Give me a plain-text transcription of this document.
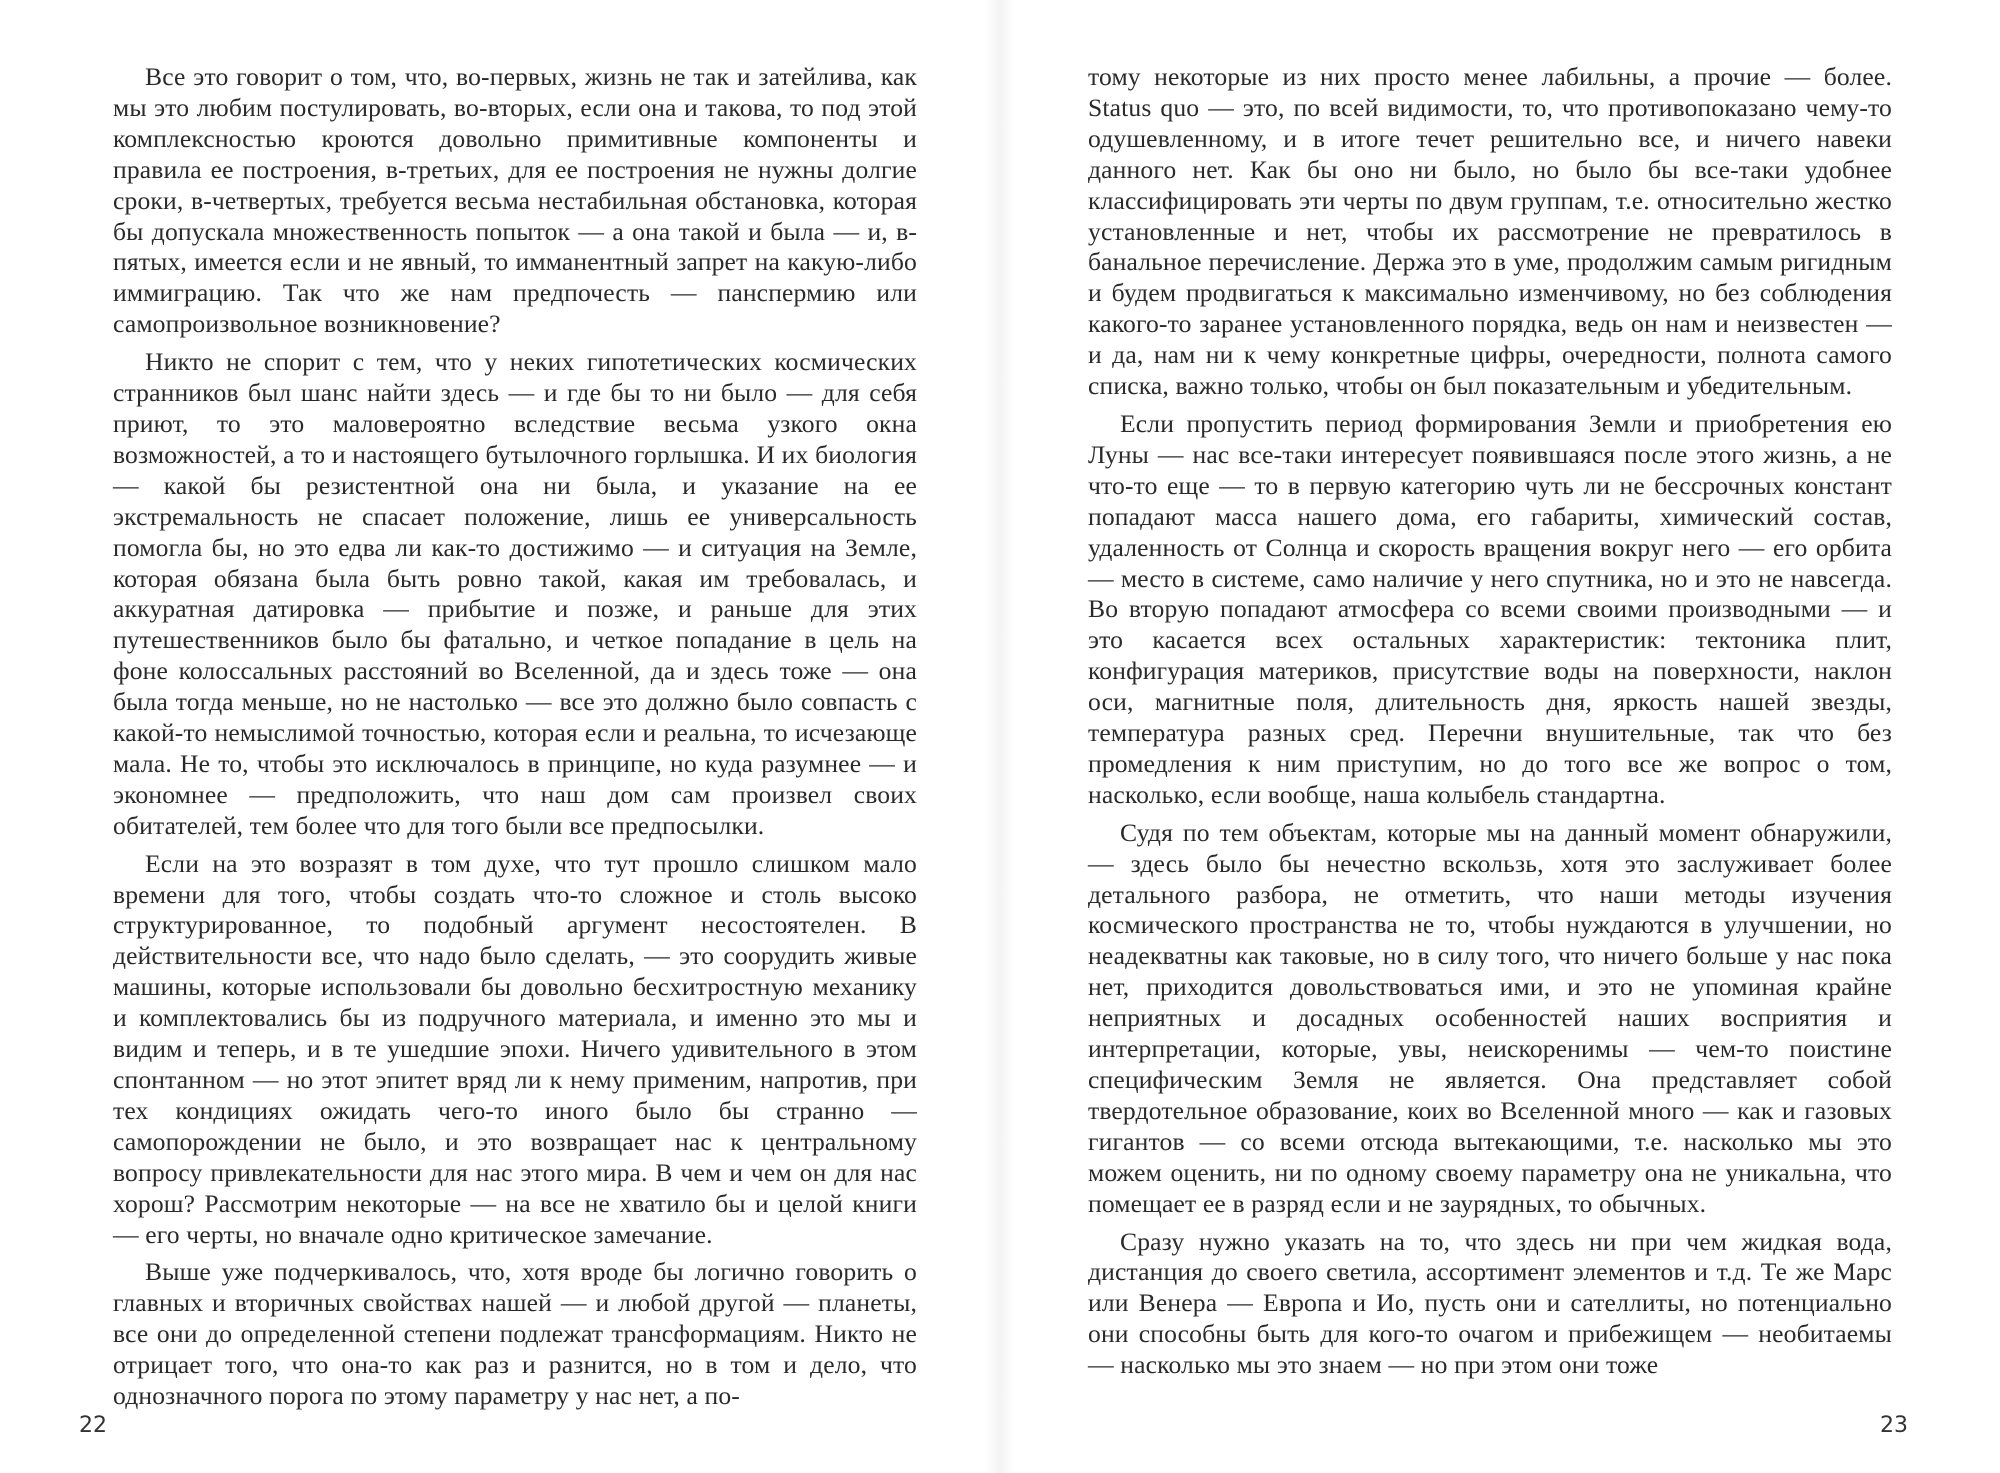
Все это говорит о том, что, во-первых, жизнь не так и затейлива, как мы это любим постулировать, во-вторых, если она и такова, то под этой комплексностью кроются довольно примитивные компоненты и правила ее построения, в-третьих, для ее построения не нужны долгие сроки, в-четвертых, требуется весьма нестабильная обстановка, которая бы допускала множественность попыток — а она такой и была — и, в-пятых, имеется если и не явный, то имманентный запрет на какую-либо иммиграцию. Так что же нам предпочесть — панспермию или самопроизвольное возникновение?

Никто не спорит с тем, что у неких гипотетических космических странников был шанс найти здесь — и где бы то ни было — для себя приют, то это маловероятно вследствие весьма узкого окна возможностей, а то и настоящего бутылочного горлышка. И их биология — какой бы резистентной она ни была, и указание на ее экстремальность не спасает положение, лишь ее универсальность помогла бы, но это едва ли как-то достижимо — и ситуация на Земле, которая обязана была быть ровно такой, какая им требовалась, и аккуратная датировка — прибытие и позже, и раньше для этих путешественников было бы фатально, и четкое попадание в цель на фоне колоссальных расстояний во Вселенной, да и здесь тоже — она была тогда меньше, но не настолько — все это должно было совпасть с какой-то немыслимой точностью, которая если и реальна, то исчезающе мала. Не то, чтобы это исключалось в принципе, но куда разумнее — и экономнее — предположить, что наш дом сам произвел своих обитателей, тем более что для того были все предпосылки.

Если на это возразят в том духе, что тут прошло слишком мало времени для того, чтобы создать что-то сложное и столь высоко структурированное, то подобный аргумент несостоятелен. В действительности все, что надо было сделать, — это соорудить живые машины, которые использовали бы довольно бесхитростную механику и комплектовались бы из подручного материала, и именно это мы и видим и теперь, и в те ушедшие эпохи. Ничего удивительного в этом спонтанном — но этот эпитет вряд ли к нему применим, напротив, при тех кондициях ожидать чего-то иного было бы странно — самопорождении не было, и это возвращает нас к центральному вопросу привлекательности для нас этого мира. В чем и чем он для нас хорош? Рассмотрим некоторые — на все не хватило бы и целой книги — его черты, но вначале одно критическое замечание.

Выше уже подчеркивалось, что, хотя вроде бы логично говорить о главных и вторичных свойствах нашей — и любой другой — планеты, все они до определенной степени подлежат трансформациям. Никто не отрицает того, что она-то как раз и разнится, но в том и дело, что однозначного порога по этому параметру у нас нет, а по-

тому некоторые из них просто менее лабильны, а прочие — более. Status quo — это, по всей видимости, то, что противопоказано чему-то одушевленному, и в итоге течет решительно все, и ничего навеки данного нет. Как бы оно ни было, но было бы все-таки удобнее классифицировать эти черты по двум группам, т.е. относительно жестко установленные и нет, чтобы их рассмотрение не превратилось в банальное перечисление. Держа это в уме, продолжим самым ригидным и будем продвигаться к максимально изменчивому, но без соблюдения какого-то заранее установленного порядка, ведь он нам и неизвестен — и да, нам ни к чему конкретные цифры, очередности, полнота самого списка, важно только, чтобы он был показательным и убедительным.

Если пропустить период формирования Земли и приобретения ею Луны — нас все-таки интересует появившаяся после этого жизнь, а не что-то еще — то в первую категорию чуть ли не бессрочных констант попадают масса нашего дома, его габариты, химический состав, удаленность от Солнца и скорость вращения вокруг него — его орбита — место в системе, само наличие у него спутника, но и это не навсегда. Во вторую попадают атмосфера со всеми своими производными — и это касается всех остальных характеристик: тектоника плит, конфигурация материков, присутствие воды на поверхности, наклон оси, магнитные поля, длительность дня, яркость нашей звезды, температура разных сред. Перечни внушительные, так что без промедления к ним приступим, но до того все же вопрос о том, насколько, если вообще, наша колыбель стандартна.

Судя по тем объектам, которые мы на данный момент обнаружили, — здесь было бы нечестно вскользь, хотя это заслуживает более детального разбора, не отметить, что наши методы изучения космического пространства не то, чтобы нуждаются в улучшении, но неадекватны как таковые, но в силу того, что ничего больше у нас пока нет, приходится довольствоваться ими, и это не упоминая крайне неприятных и досадных особенностей наших восприятия и интерпретации, которые, увы, неискоренимы — чем-то поистине специфическим Земля не является. Она представляет собой твердотельное образование, коих во Вселенной много — как и газовых гигантов — со всеми отсюда вытекающими, т.е. насколько мы это можем оценить, ни по одному своему параметру она не уникальна, что помещает ее в разряд если и не заурядных, то обычных.

Сразу нужно указать на то, что здесь ни при чем жидкая вода, дистанция до своего светила, ассортимент элементов и т.д. Те же Марс или Венера — Европа и Ио, пусть они и сателлиты, но потенциально они способны быть для кого-то очагом и прибежищем — необитаемы — насколько мы это знаем — но при этом они тоже

22	23
